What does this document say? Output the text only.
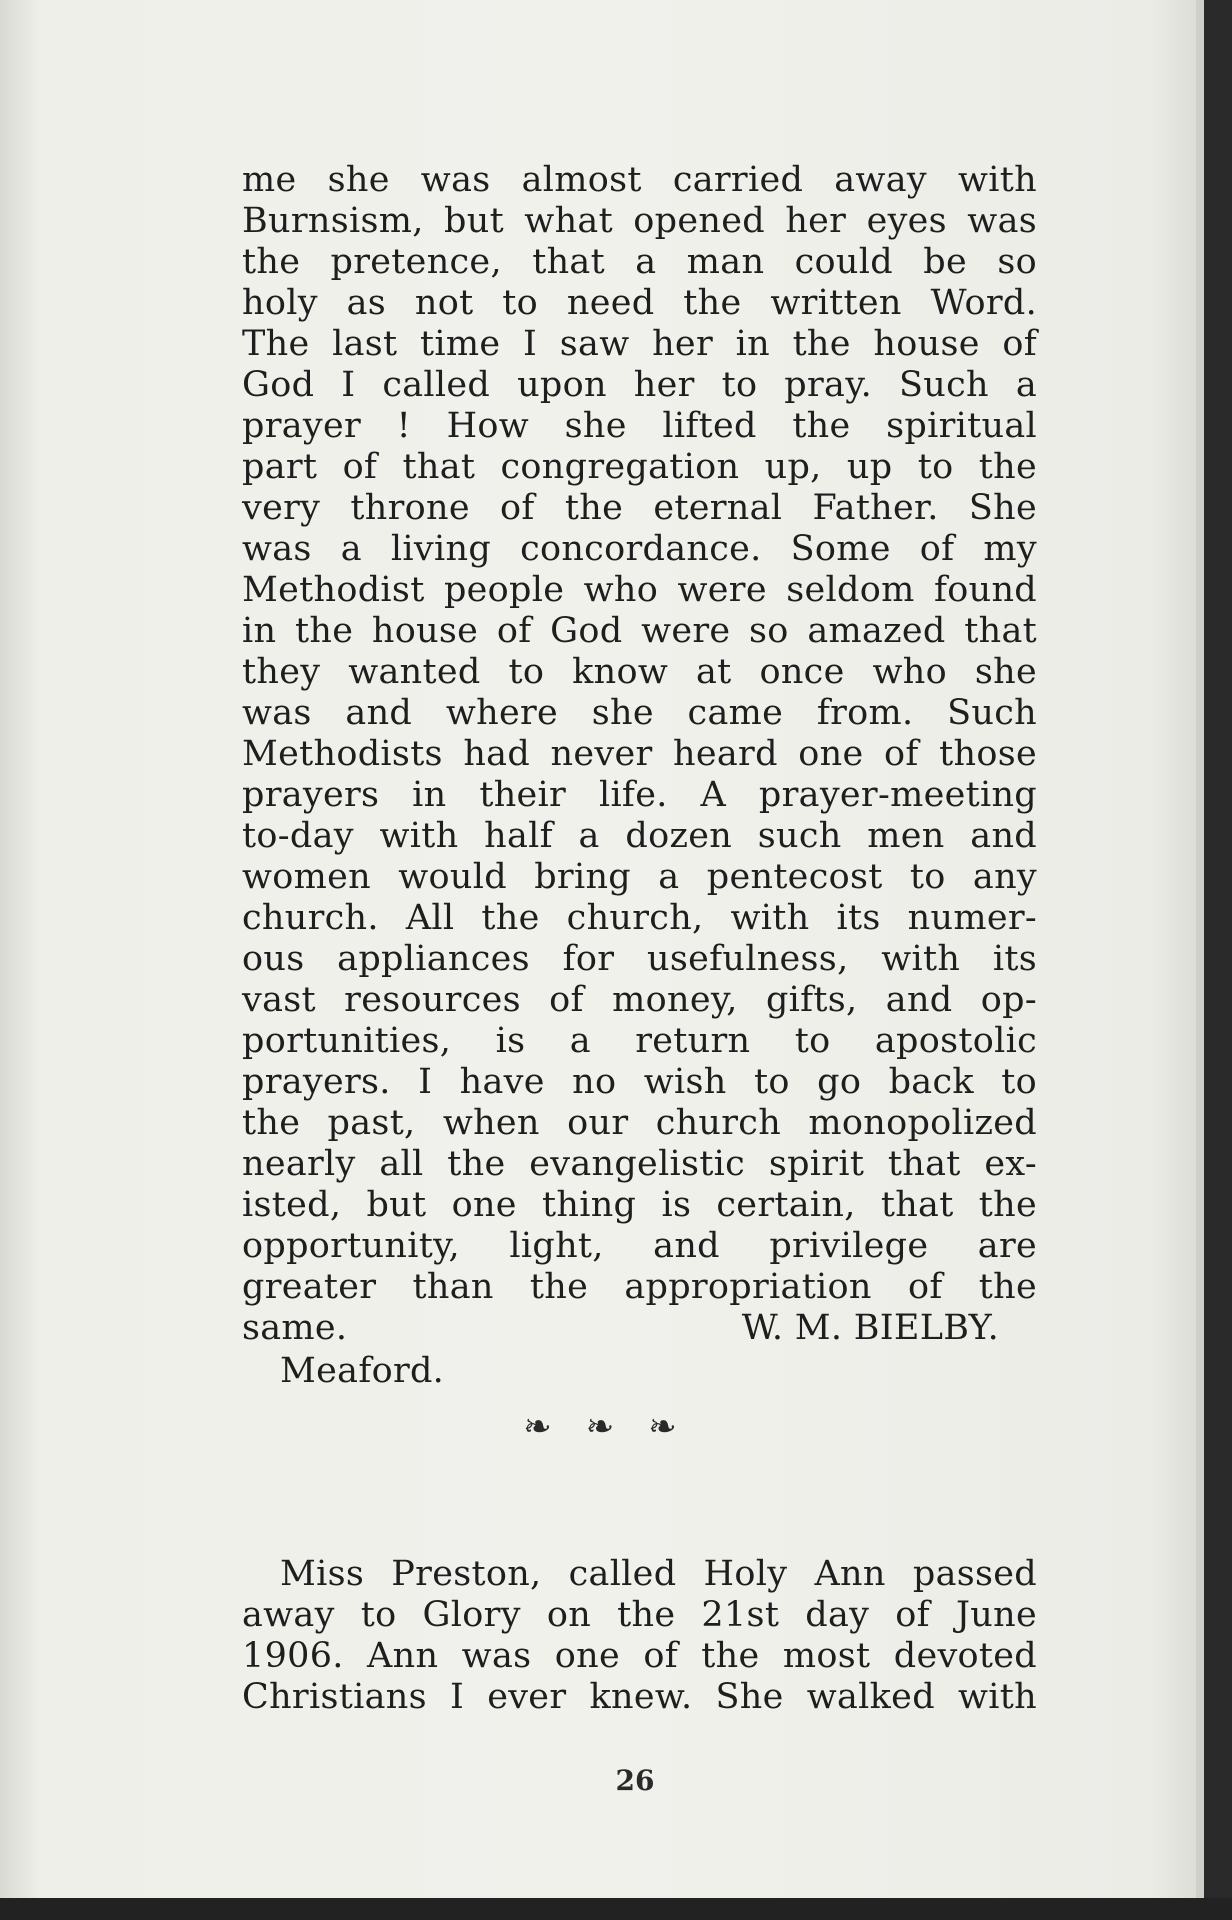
me she was almost carried away with
Burnsism, but what opened her eyes was
the pretence, that a man could be so
holy as not to need the written Word.
The last time I saw her in the house of
God I called upon her to pray. Such a
prayer ! How she lifted the spiritual
part of that congregation up, up to the
very throne of the eternal Father. She
was a living concordance. Some of my
Methodist people who were seldom found
in the house of God were so amazed that
they wanted to know at once who she
was and where she came from. Such
Methodists had never heard one of those
prayers in their life. A prayer-meeting
to-day with half a dozen such men and
women would bring a pentecost to any
church. All the church, with its numer-
ous appliances for usefulness, with its
vast resources of money, gifts, and op-
portunities, is a return to apostolic
prayers. I have no wish to go back to
the past, when our church monopolized
nearly all the evangelistic spirit that ex-
isted, but one thing is certain, that the
opportunity, light, and privilege are
greater than the appropriation of the
same.	W. M. BIELBY.
Meaford.
❧❧❧
Miss Preston, called Holy Ann passed
away to Glory on the 21st day of June
1906. Ann was one of the most devoted
Christians I ever knew. She walked with
26
